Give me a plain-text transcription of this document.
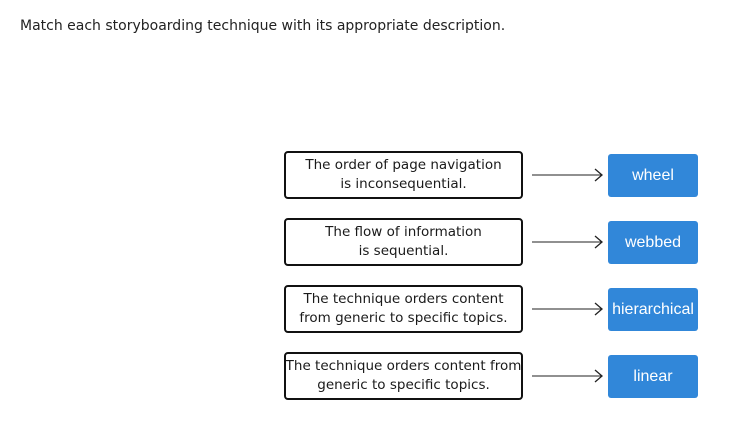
Match each storyboarding technique with its appropriate description.
The order of page navigation
is inconsequential.
wheel
The flow of information
is sequential.
webbed
The technique orders content
from generic to specific topics.
hierarchical
The technique orders content from
generic to specific topics.
linear
